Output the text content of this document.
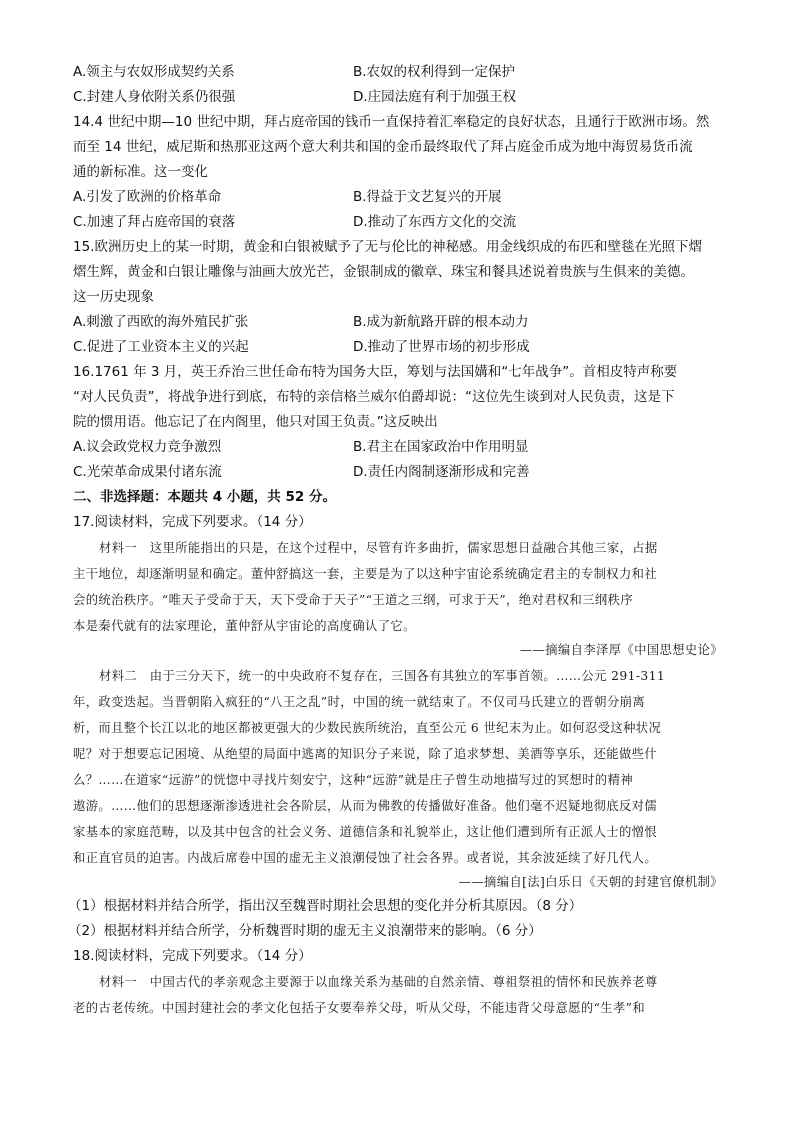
A.领主与农奴形成契约关系	B.农奴的权利得到一定保护
C.封建人身依附关系仍很强	D.庄园法庭有利于加强王权
14.4 世纪中期—10 世纪中期，拜占庭帝国的钱币一直保持着汇率稳定的良好状态，且通行于欧洲市场。然
而至 14 世纪，威尼斯和热那亚这两个意大利共和国的金币最终取代了拜占庭金币成为地中海贸易货币流
通的新标准。这一变化
A.引发了欧洲的价格革命	B.得益于文艺复兴的开展
C.加速了拜占庭帝国的衰落	D.推动了东西方文化的交流
15.欧洲历史上的某一时期，黄金和白银被赋予了无与伦比的神秘感。用金线织成的布匹和壁毯在光照下熠
熠生辉，黄金和白银让雕像与油画大放光芒，金银制成的徽章、珠宝和餐具述说着贵族与生俱来的美德。
这一历史现象
A.刺激了西欧的海外殖民扩张	B.成为新航路开辟的根本动力
C.促进了工业资本主义的兴起	D.推动了世界市场的初步形成
16.1761 年 3 月，英王乔治三世任命布特为国务大臣，筹划与法国媾和“七年战争”。首相皮特声称要
“对人民负责”，将战争进行到底，布特的亲信格兰威尔伯爵却说：“这位先生谈到对人民负责，这是下
院的惯用语。他忘记了在内阁里，他只对国王负责。”这反映出
A.议会政党权力竞争激烈	B.君主在国家政治中作用明显
C.光荣革命成果付诸东流	D.责任内阁制逐渐形成和完善
二、非选择题：本题共 4 小题，共 52 分。
17.阅读材料，完成下列要求。（14 分）
材料一　这里所能指出的只是，在这个过程中，尽管有许多曲折，儒家思想日益融合其他三家，占据
主干地位，却逐渐明显和确定。董仲舒搞这一套，主要是为了以这种宇宙论系统确定君主的专制权力和社
会的统治秩序。“唯天子受命于天，天下受命于天子”“王道之三纲，可求于天”，绝对君权和三纲秩序
本是秦代就有的法家理论，董仲舒从宇宙论的高度确认了它。
——摘编自李泽厚《中国思想史论》
材料二　由于三分天下，统一的中央政府不复存在，三国各有其独立的军事首领。……公元 291-311
年，政变迭起。当晋朝陷入疯狂的“八王之乱”时，中国的统一就结束了。不仅司马氏建立的晋朝分崩离
析，而且整个长江以北的地区都被更强大的少数民族所统治，直至公元 6 世纪末为止。如何忍受这种状况
呢？对于想要忘记困境、从绝望的局面中逃离的知识分子来说，除了追求梦想、美酒等享乐，还能做些什
么？……在道家“远游”的恍惚中寻找片刻安宁，这种“远游”就是庄子曾生动地描写过的冥想时的精神
遨游。……他们的思想逐渐渗透进社会各阶层，从而为佛教的传播做好准备。他们毫不迟疑地彻底反对儒
家基本的家庭范畴，以及其中包含的社会义务、道德信条和礼貌举止，这让他们遭到所有正派人士的憎恨
和正直官员的迫害。内战后席卷中国的虚无主义浪潮侵蚀了社会各界。或者说，其余波延续了好几代人。
——摘编自[法]白乐日《天朝的封建官僚机制》
（1）根据材料并结合所学，指出汉至魏晋时期社会思想的变化并分析其原因。（8 分）
（2）根据材料并结合所学，分析魏晋时期的虚无主义浪潮带来的影响。（6 分）
18.阅读材料，完成下列要求。（14 分）
材料一　中国古代的孝亲观念主要源于以血缘关系为基础的自然亲情、尊祖祭祖的情怀和民族养老尊
老的古老传统。中国封建社会的孝文化包括子女要奉养父母，听从父母，不能违背父母意愿的“生孝”和
